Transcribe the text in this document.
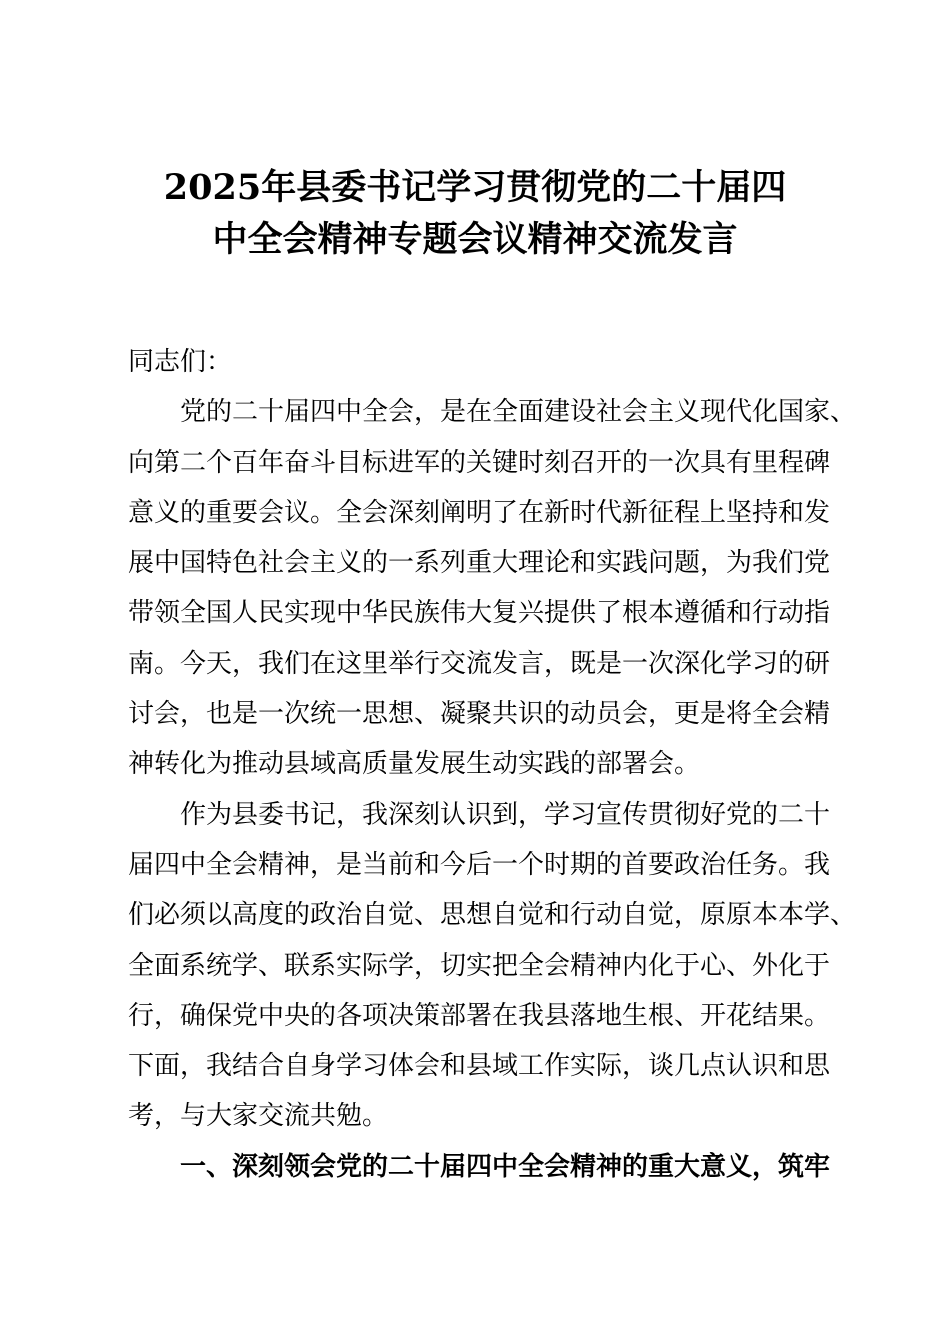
2025年县委书记学习贯彻党的二十届四
中全会精神专题会议精神交流发言
同志们：
党的二十届四中全会，是在全面建设社会主义现代化国家、
向第二个百年奋斗目标进军的关键时刻召开的一次具有里程碑
意义的重要会议。全会深刻阐明了在新时代新征程上坚持和发
展中国特色社会主义的一系列重大理论和实践问题，为我们党
带领全国人民实现中华民族伟大复兴提供了根本遵循和行动指
南。今天，我们在这里举行交流发言，既是一次深化学习的研
讨会，也是一次统一思想、凝聚共识的动员会，更是将全会精
神转化为推动县域高质量发展生动实践的部署会。
作为县委书记，我深刻认识到，学习宣传贯彻好党的二十
届四中全会精神，是当前和今后一个时期的首要政治任务。我
们必须以高度的政治自觉、思想自觉和行动自觉，原原本本学、
全面系统学、联系实际学，切实把全会精神内化于心、外化于
行，确保党中央的各项决策部署在我县落地生根、开花结果。
下面，我结合自身学习体会和县域工作实际，谈几点认识和思
考，与大家交流共勉。
一、深刻领会党的二十届四中全会精神的重大意义，筑牢
